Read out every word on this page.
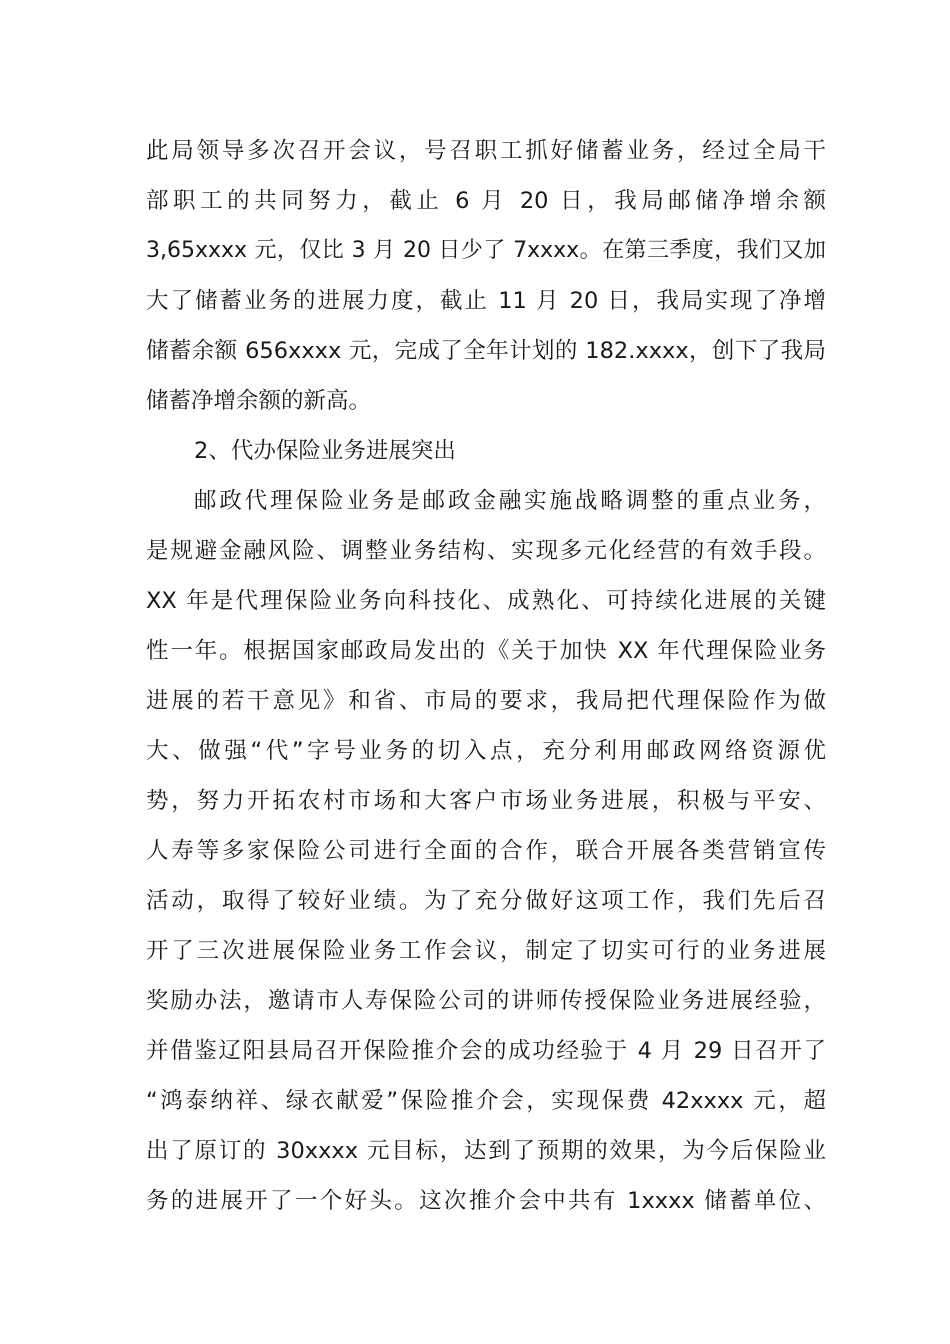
此局领导多次召开会议，号召职工抓好储蓄业务，经过全局干
部职工的共同努力，截止 6 月 20 日，我局邮储净增余额
3,65xxxx 元，仅比 3 月 20 日少了 7xxxx。在第三季度，我们又加
大了储蓄业务的进展力度，截止 11 月 20 日，我局实现了净增
储蓄余额 656xxxx 元，完成了全年计划的 182.xxxx，创下了我局
储蓄净增余额的新高。
2、代办保险业务进展突出
邮政代理保险业务是邮政金融实施战略调整的重点业务，
是规避金融风险、调整业务结构、实现多元化经营的有效手段。
XX 年是代理保险业务向科技化、成熟化、可持续化进展的关键
性一年。根据国家邮政局发出的《关于加快 XX 年代理保险业务
进展的若干意见》和省、市局的要求，我局把代理保险作为做
大、做强“代”字号业务的切入点，充分利用邮政网络资源优
势，努力开拓农村市场和大客户市场业务进展，积极与平安、
人寿等多家保险公司进行全面的合作，联合开展各类营销宣传
活动，取得了较好业绩。为了充分做好这项工作，我们先后召
开了三次进展保险业务工作会议，制定了切实可行的业务进展
奖励办法，邀请市人寿保险公司的讲师传授保险业务进展经验，
并借鉴辽阳县局召开保险推介会的成功经验于 4 月 29 日召开了
“鸿泰纳祥、绿衣献爱”保险推介会，实现保费 42xxxx 元，超
出了原订的 30xxxx 元目标，达到了预期的效果，为今后保险业
务的进展开了一个好头。这次推介会中共有 1xxxx 储蓄单位、
